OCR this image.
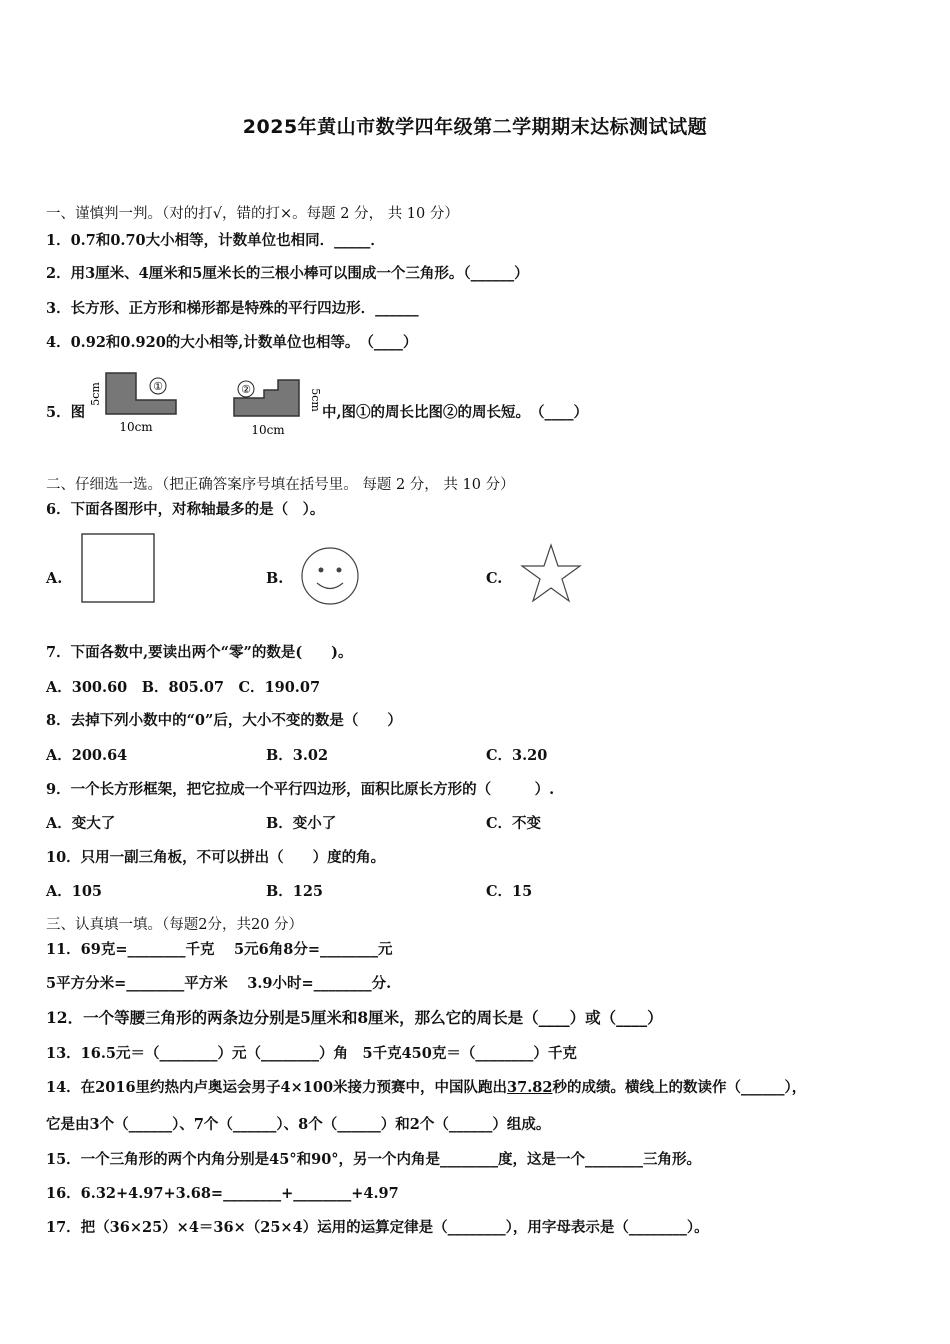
2025年黄山市数学四年级第二学期期末达标测试试题
一、谨慎判一判。（对的打√，错的打×。每题 2 分， 共 10 分）
1．0.7和0.70大小相等，计数单位也相同．_____．
2．用3厘米、4厘米和5厘米长的三根小棒可以围成一个三角形。（______）
3．长方形、正方形和梯形都是特殊的平行四边形．______
4．0.92和0.920的大小相等,计数单位也相等。　（____）
5．图
①
5cm
10cm
②	5cm
10cm
中,图①的周长比图②的周长短。　（____）
二、仔细选一选。（把正确答案序号填在括号里。 每题 2 分， 共 10 分）
6．下面各图形中，对称轴最多的是（　）。
A.	B.	C.
7．下面各数中,要读出两个“零”的数是(　　)。
A．300.60　B．805.07　C．190.07
8．去掉下列小数中的“0”后，大小不变的数是（　　）
A．200.64	B．3.02	C．3.20
9．一个长方形框架，把它拉成一个平行四边形，面积比原长方形的（　　　）.
A．变大了	B．变小了	C．不变
10．只用一副三角板，不可以拼出（　　）度的角。
A．105	B．125	C．15
三、认真填一填。（每题2分，共20 分）
11．69克=________千克　 5元6角8分=________元
5平方分米=________平方米　 3.9小时=________分.
12．一个等腰三角形的两条边分别是5厘米和8厘米，那么它的周长是（____）或（____）
13．16.5元＝（________）元（________）角　5千克450克＝（________）千克
14．在2016里约热内卢奥运会男子4×100米接力预赛中，中国队跑出37.82秒的成绩。横线上的数读作（______），
它是由3个（______）、7个（______）、8个（______）和2个（______）组成。
15．一个三角形的两个内角分别是45°和90°，另一个内角是________度，这是一个________三角形。
16．6.32+4.97+3.68=________+________+4.97
17．把（36×25）×4＝36×（25×4）运用的运算定律是（________），用字母表示是（________）。
